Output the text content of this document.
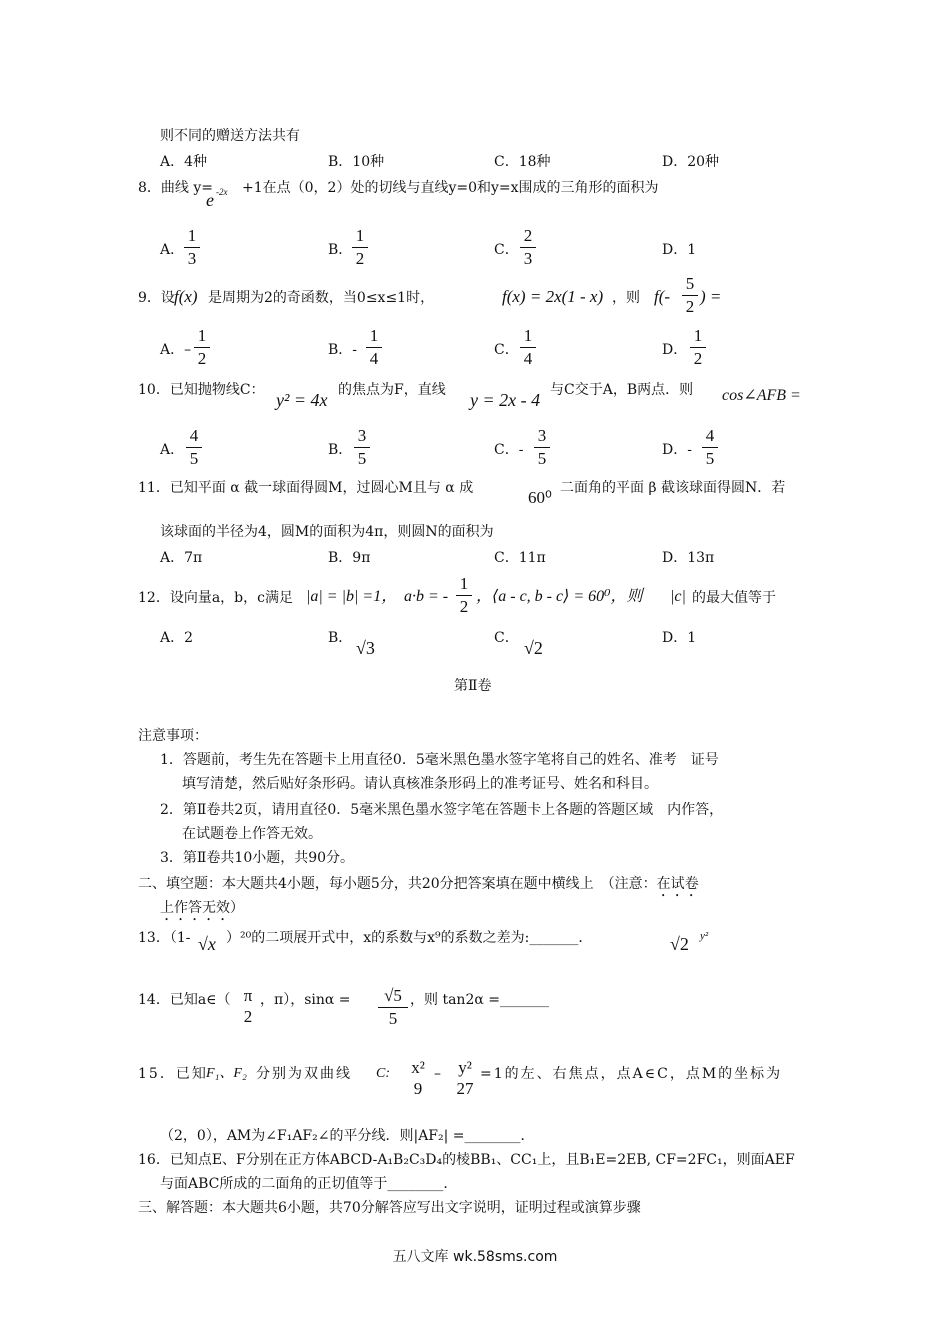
则不同的赠送方法共有
A．4种	B．10种	C．18种	D．20种
8．曲线 y=
e -2x +1在点（0，2）处的切线与直线y=0和y=x围成的三角形的面积为
A．
1
3	B．
1
2	C．
2
3	D．1
9．设 f(x) 是周期为2的奇函数，当0≤x≤1时，	f(x) = 2x(1 - x) ，则 f(-
5
2
) =
A．–
1
2	B．-
1
4	C．
1
4	D．
1
2
10．已知抛物线C： y² = 4x 的焦点为F，直线 y = 2x - 4 与C交于A，B两点．则 cos∠AFB =
A．
4
5	B．
3
5	C．-
3
5	D．-
4
5
11．已知平面 α 截一球面得圆M，过圆心M且与 α 成	60⁰ 二面角的平面 β 截该球面得圆N．若
该球面的半径为4，圆M的面积为4π，则圆N的面积为
A．7π	B．9π	C．11π	D．13π
12．设向量a，b，c满足 |a| = |b| =1， a·b = -
1
2
，⟨a - c, b - c⟩ = 60⁰，则 |c| 的最大值等于
A．2	B． √3	C． √2	D．1
第Ⅱ卷
注意事项：
1．答题前，考生先在答题卡上用直径0．5毫米黑色墨水签字笔将自己的姓名、准考　证号
填写清楚，然后贴好条形码。请认真核准条形码上的准考证号、姓名和科目。
2．第Ⅱ卷共2页，请用直径0．5毫米黑色墨水签字笔在答题卡上各题的答题区域　内作答，
在试题卷上作答无效。
3．第Ⅱ卷共10小题，共90分。
二、填空题：本大题共4小题，每小题5分，共20分把答案填在题中横线上　（注意：在试卷
上作答无效）
13．（1- √x ）²⁰的二项展开式中，x的系数与x⁹的系数之差为:_______．	√2 y²
14．已知a∈（ π
2
，π），sinα =	√5
5
，则 tan2α =_______
15．已知
F₁、F₂ 分别为双曲线 C:	x²
9
–	y²
27
=1的左、右焦点，点A∈C，点M的坐标为
（2，0），AM为∠F₁AF₂∠的平分线．则|AF₂| =________．
16．已知点E、F分别在正方体ABCD-A₁B₂C₃D₄的棱BB₁、CC₁上，且B₁E=2EB, CF=2FC₁，则面AEF
与面ABC所成的二面角的正切值等于________．
三、解答题：本大题共6小题，共70分解答应写出文字说明，证明过程或演算步骤
五八文库 wk.58sms.com
